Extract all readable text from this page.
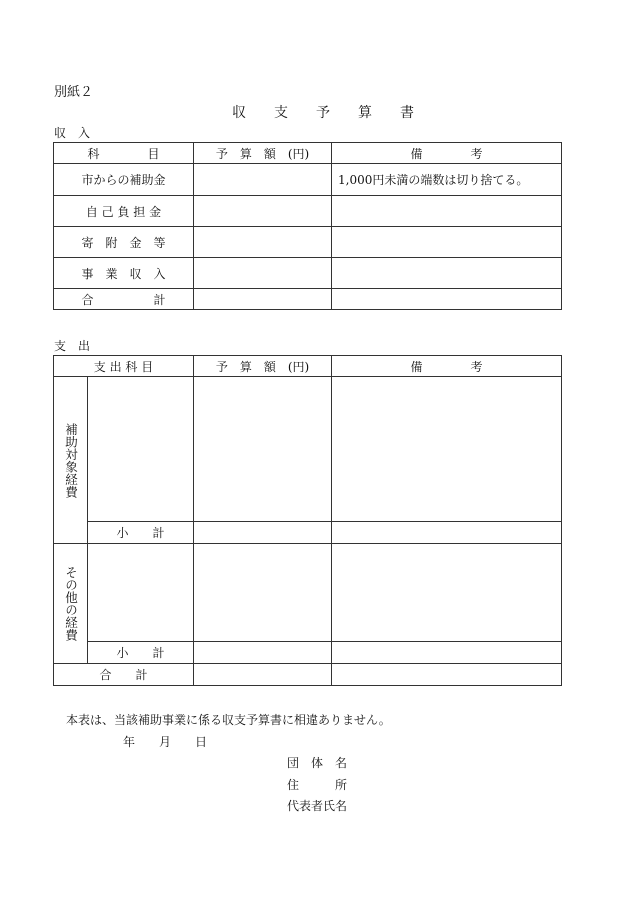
別紙２
収　　支　　予　　算　　書
収　入
科　　　　目	予　算　額　(円)	備　　　　考
市からの補助金		1,000円未満の端数は切り捨てる。
自 己 負 担 金		
寄　附　金　等		
事　業　収　入		
合　　　　　計		
支　出
支 出 科 目		予　算　額　(円)	備　　　　考

補助対象経費			

	小　　計		

その他の経費			

	小　　計		
合　　計			
本表は、当該補助事業に係る収支予算書に相違ありません。
年　　月　　日
団　体　名
住　　　所
代表者氏名
